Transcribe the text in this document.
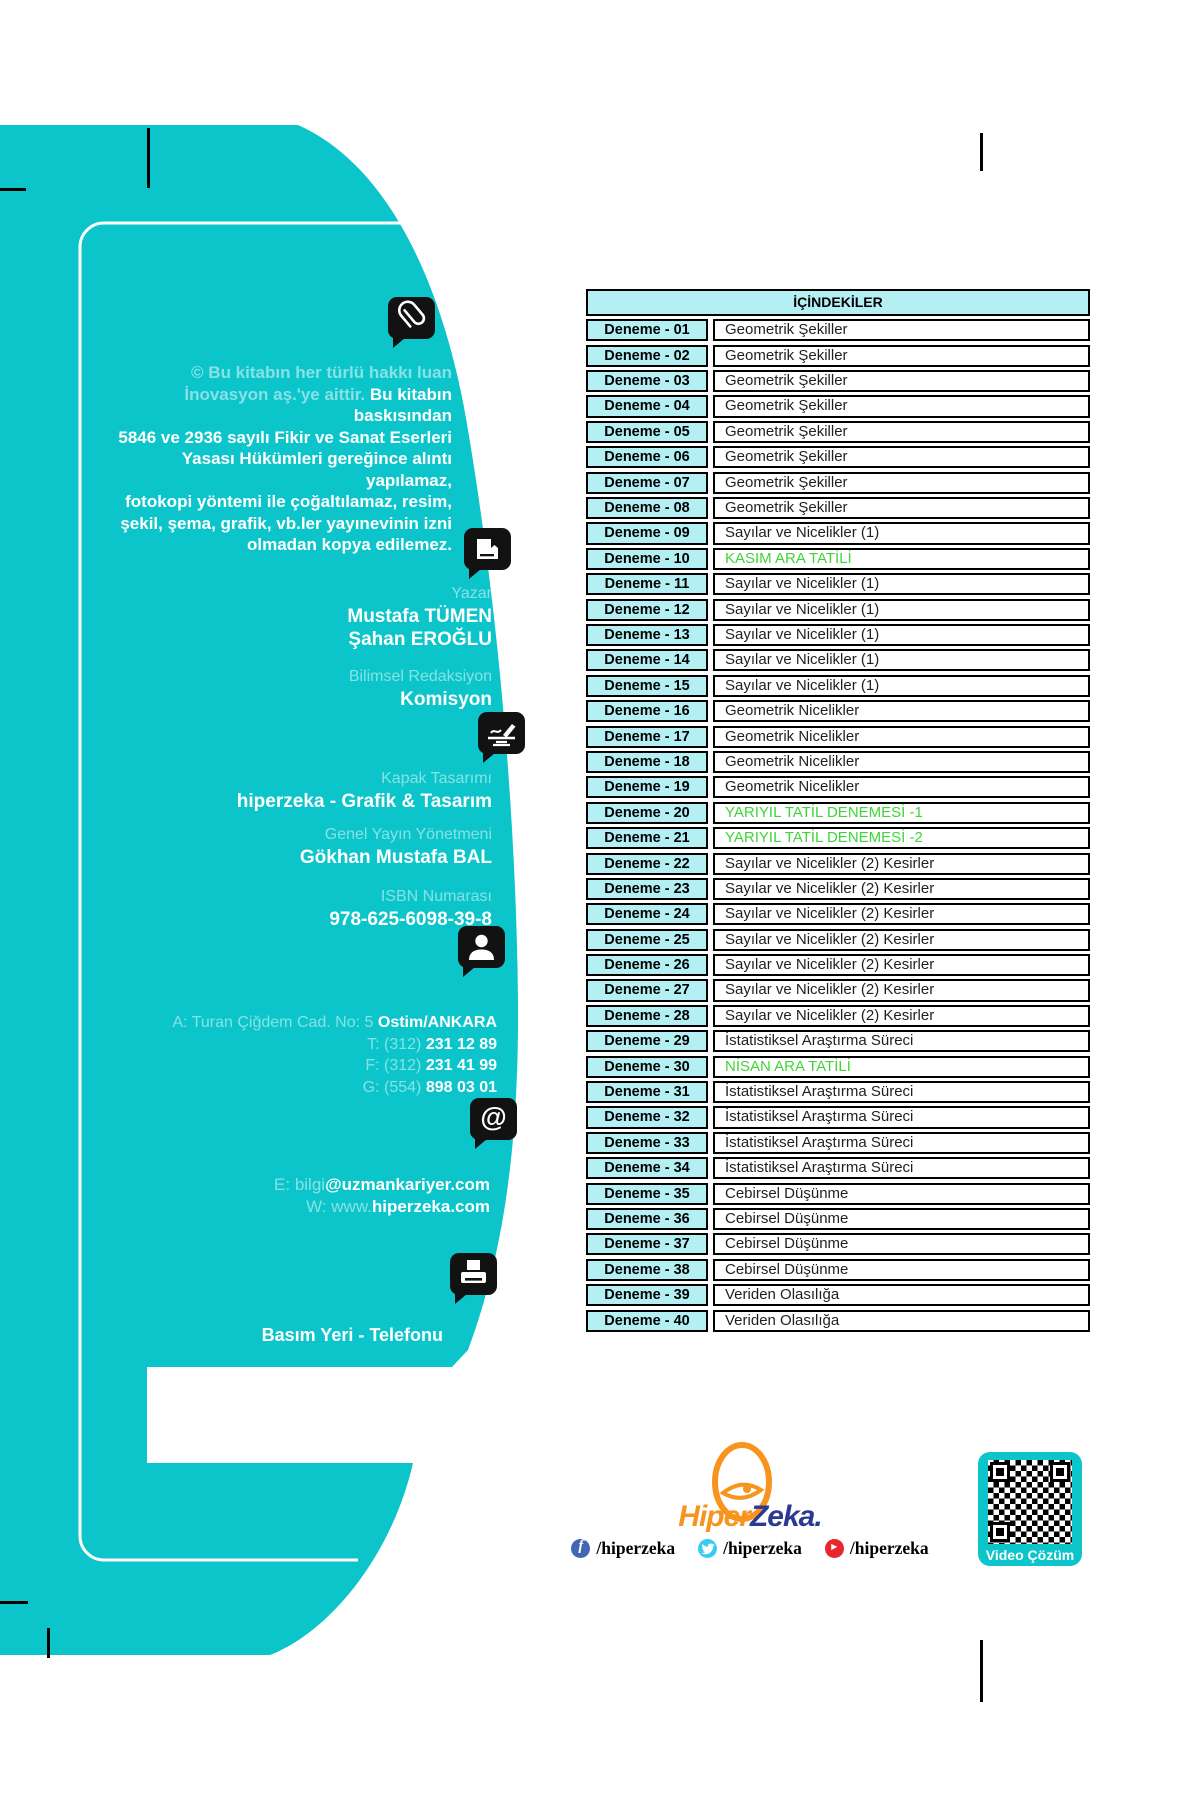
@
© Bu kitabın her türlü hakkı luan
İnovasyon aş.'ye aittir. Bu kitabın baskısından
5846 ve 2936 sayılı Fikir ve Sanat Eserleri
Yasası Hükümleri gereğince alıntı yapılamaz,
fotokopi yöntemi ile çoğaltılamaz, resim,
şekil, şema, grafik, vb.ler yayınevinin izni
olmadan kopya edilemez.
Yazar
Mustafa TÜMEN
Şahan EROĞLU
Bilimsel Redaksiyon
Komisyon
Kapak Tasarımı
hiperzeka - Grafik & Tasarım
Genel Yayın Yönetmeni
Gökhan Mustafa BAL
ISBN Numarası
978-625-6098-39-8
A: Turan Çiğdem Cad. No: 5 Ostim/ANKARA
T: (312) 231 12 89
F: (312) 231 41 99
G: (554) 898 03 01
E: bilgi@uzmankariyer.com
W: www.hiperzeka.com
Basım Yeri - Telefonu
İÇİNDEKİLER
Deneme - 01	Geometrik Şekiller
Deneme - 02	Geometrik Şekiller
Deneme - 03	Geometrik Şekiller
Deneme - 04	Geometrik Şekiller
Deneme - 05	Geometrik Şekiller
Deneme - 06	Geometrik Şekiller
Deneme - 07	Geometrik Şekiller
Deneme - 08	Geometrik Şekiller
Deneme - 09	Sayılar ve Nicelikler (1)
Deneme - 10	KASIM ARA TATİLİ
Deneme - 11	Sayılar ve Nicelikler (1)
Deneme - 12	Sayılar ve Nicelikler (1)
Deneme - 13	Sayılar ve Nicelikler (1)
Deneme - 14	Sayılar ve Nicelikler (1)
Deneme - 15	Sayılar ve Nicelikler (1)
Deneme - 16	Geometrik Nicelikler
Deneme - 17	Geometrik Nicelikler
Deneme - 18	Geometrik Nicelikler
Deneme - 19	Geometrik Nicelikler
Deneme - 20	YARIYIL TATİL DENEMESİ -1
Deneme - 21	YARIYIL TATİL DENEMESİ -2
Deneme - 22	Sayılar ve Nicelikler (2) Kesirler
Deneme - 23	Sayılar ve Nicelikler (2) Kesirler
Deneme - 24	Sayılar ve Nicelikler (2) Kesirler
Deneme - 25	Sayılar ve Nicelikler (2) Kesirler
Deneme - 26	Sayılar ve Nicelikler (2) Kesirler
Deneme - 27	Sayılar ve Nicelikler (2) Kesirler
Deneme - 28	Sayılar ve Nicelikler (2) Kesirler
Deneme - 29	İstatistiksel Araştırma Süreci
Deneme - 30	NİSAN ARA TATİLİ
Deneme - 31	İstatistiksel Araştırma Süreci
Deneme - 32	İstatistiksel Araştırma Süreci
Deneme - 33	İstatistiksel Araştırma Süreci
Deneme - 34	İstatistiksel Araştırma Süreci
Deneme - 35	Cebirsel Düşünme
Deneme - 36	Cebirsel Düşünme
Deneme - 37	Cebirsel Düşünme
Deneme - 38	Cebirsel Düşünme
Deneme - 39	Veriden Olasılığa
Deneme - 40	Veriden Olasılığa
HiperZeka.
f /hiperzeka	/hiperzeka	▶ /hiperzeka	Video Çözüm
